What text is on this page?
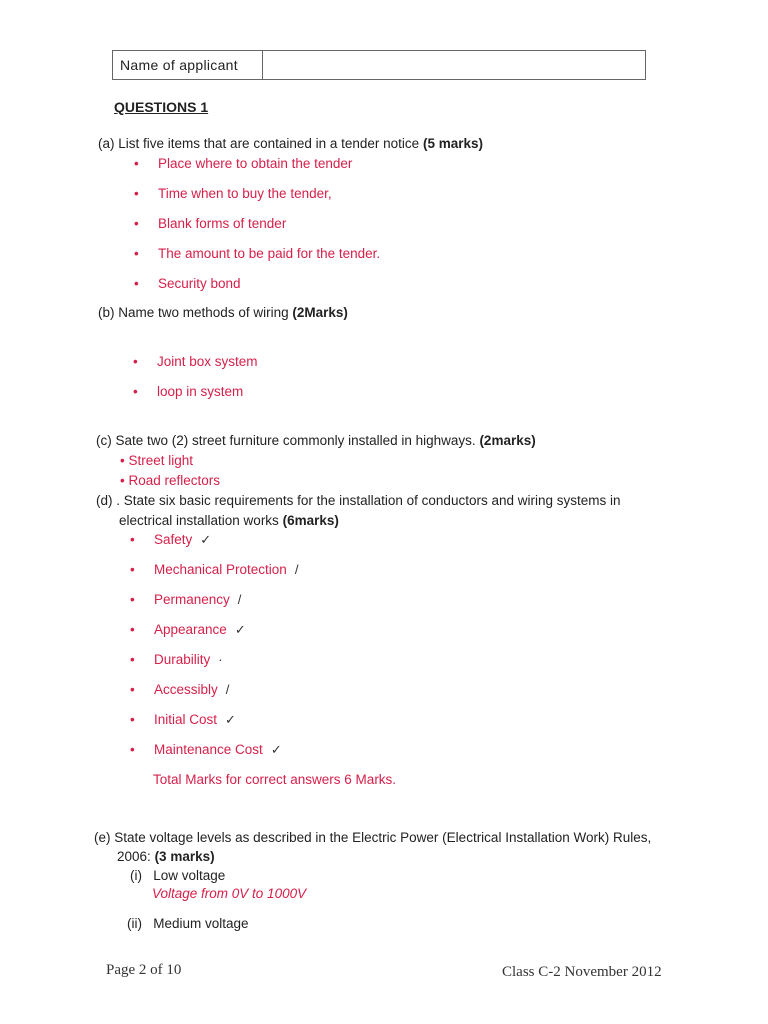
Name of applicant
QUESTIONS 1
(a) List five items that are contained in a tender notice (5 marks)
• Place where to obtain the tender
• Time when to buy the tender,
• Blank forms of tender
• The amount to be paid for the tender.
• Security bond
(b) Name two methods of wiring (2Marks)
• Joint box system
• loop in system
(c) Sate two (2) street furniture commonly installed in highways. (2marks)
• Street light
• Road reflectors
(d) . State six basic requirements for the installation of conductors and wiring systems in
electrical installation works (6marks)
• Safety ✓
• Mechanical Protection /
• Permanency /
• Appearance ✓
• Durability ·
• Accessibly /
• Initial Cost ✓
• Maintenance Cost ✓
Total Marks for correct answers 6 Marks.
(e) State voltage levels as described in the Electric Power (Electrical Installation Work) Rules,
2006: (3 marks)
(i) Low voltage
Voltage from 0V to 1000V
(ii) Medium voltage
Page 2 of 10	Class C-2 November 2012
